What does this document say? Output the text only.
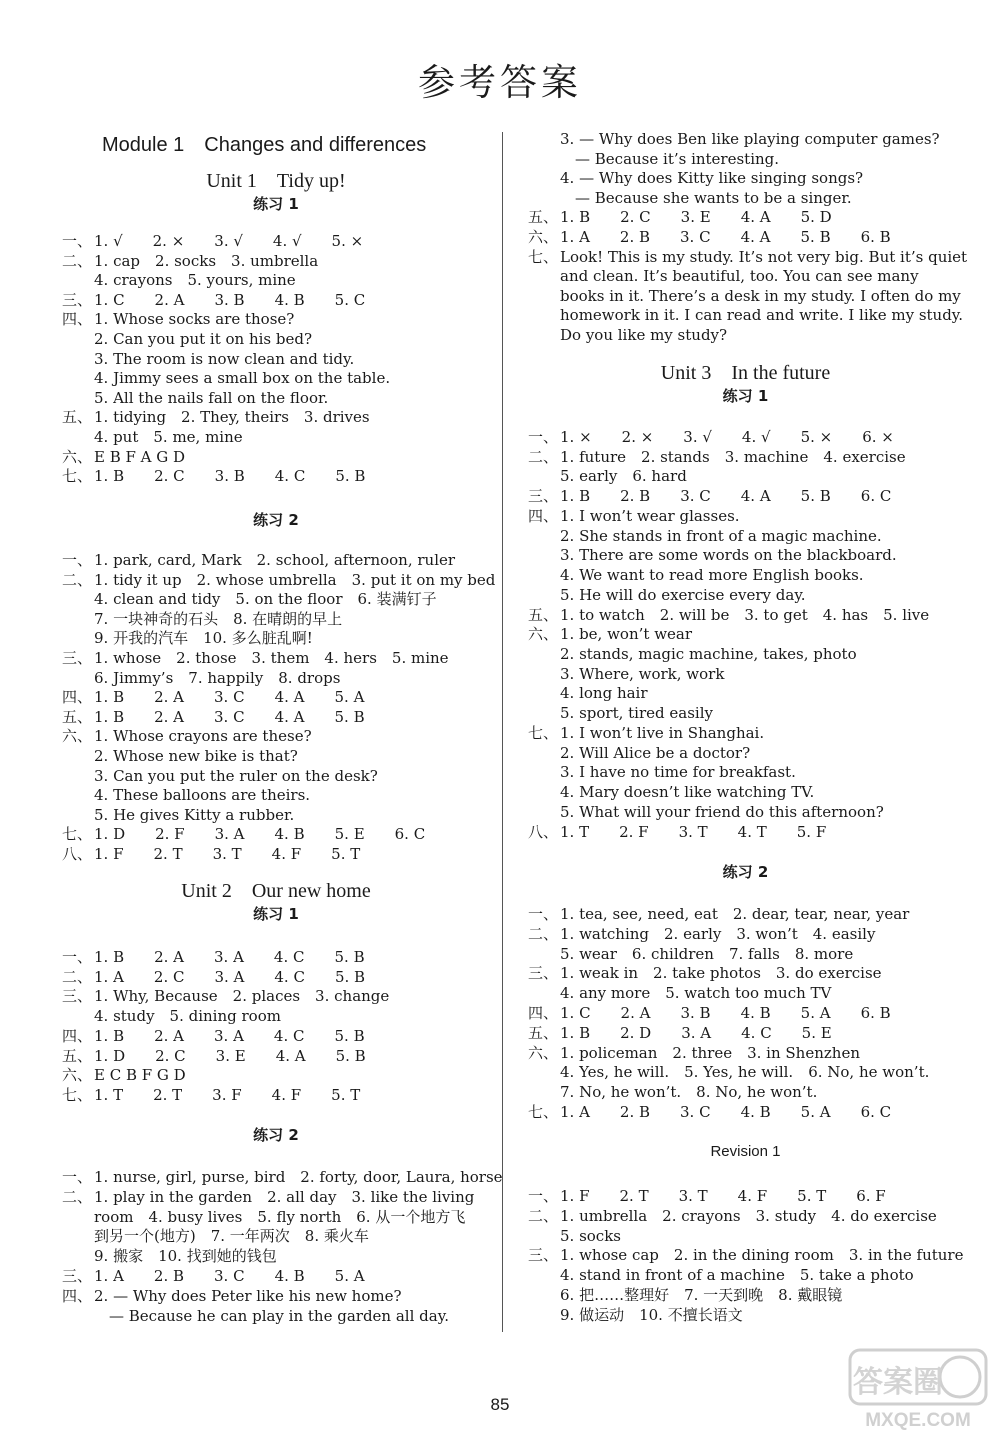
参考答案
Module 1　Changes and differences
Unit 1　Tidy up!
练习 1
一、 1. √　　2. ×　　3. √　　4. √　　5. ×
二、 1. cap　2. socks　3. umbrella
4. crayons　5. yours, mine
三、 1. C　　2. A　　3. B　　4. B　　5. C
四、 1. Whose socks are those?
2. Can you put it on his bed?
3. The room is now clean and tidy.
4. Jimmy sees a small box on the table.
5. All the nails fall on the floor.
五、 1. tidying　2. They, theirs　3. drives
4. put　5. me, mine
六、 E B F A G D
七、 1. B　　2. C　　3. B　　4. C　　5. B
练习 2
一、 1. park, card, Mark　2. school, afternoon, ruler
二、 1. tidy it up　2. whose umbrella　3. put it on my bed
4. clean and tidy　5. on the floor　6. 装满钉子
7. 一块神奇的石头　8. 在晴朗的早上
9. 开我的汽车　10. 多么脏乱啊!
三、 1. whose　2. those　3. them　4. hers　5. mine
6. Jimmy’s　7. happily　8. drops
四、 1. B　　2. A　　3. C　　4. A　　5. A
五、 1. B　　2. A　　3. C　　4. A　　5. B
六、 1. Whose crayons are these?
2. Whose new bike is that?
3. Can you put the ruler on the desk?
4. These balloons are theirs.
5. He gives Kitty a rubber.
七、 1. D　　2. F　　3. A　　4. B　　5. E　　6. C
八、 1. F　　2. T　　3. T　　4. F　　5. T
Unit 2　Our new home
练习 1
一、 1. B　　2. A　　3. A　　4. C　　5. B
二、 1. A　　2. C　　3. A　　4. C　　5. B
三、 1. Why, Because　2. places　3. change
4. study　5. dining room
四、 1. B　　2. A　　3. A　　4. C　　5. B
五、 1. D　　2. C　　3. E　　4. A　　5. B
六、 E C B F G D
七、 1. T　　2. T　　3. F　　4. F　　5. T
练习 2
一、 1. nurse, girl, purse, bird　2. forty, door, Laura, horse
二、 1. play in the garden　2. all day　3. like the living
room　4. busy lives　5. fly north　6. 从一个地方飞
到另一个(地方)　7. 一年两次　8. 乘火车
9. 搬家　10. 找到她的钱包
三、 1. A　　2. B　　3. C　　4. B　　5. A
四、 2. — Why does Peter like his new home?
　— Because he can play in the garden all day.
3. — Why does Ben like playing computer games?
　— Because it’s interesting.
4. — Why does Kitty like singing songs?
　— Because she wants to be a singer.
五、 1. B　　2. C　　3. E　　4. A　　5. D
六、 1. A　　2. B　　3. C　　4. A　　5. B　　6. B
七、 Look! This is my study. It’s not very big. But it’s quiet
and clean. It’s beautiful, too. You can see many
books in it. There’s a desk in my study. I often do my
homework in it. I can read and write. I like my study.
Do you like my study?
Unit 3　In the future
练习 1
一、 1. ×　　2. ×　　3. √　　4. √　　5. ×　　6. ×
二、 1. future　2. stands　3. machine　4. exercise
5. early　6. hard
三、 1. B　　2. B　　3. C　　4. A　　5. B　　6. C
四、 1. I won’t wear glasses.
2. She stands in front of a magic machine.
3. There are some words on the blackboard.
4. We want to read more English books.
5. He will do exercise every day.
五、 1. to watch　2. will be　3. to get　4. has　5. live
六、 1. be, won’t wear
2. stands, magic machine, takes, photo
3. Where, work, work
4. long hair
5. sport, tired easily
七、 1. I won’t live in Shanghai.
2. Will Alice be a doctor?
3. I have no time for breakfast.
4. Mary doesn’t like watching TV.
5. What will your friend do this afternoon?
八、 1. T　　2. F　　3. T　　4. T　　5. F
练习 2
一、 1. tea, see, need, eat　2. dear, tear, near, year
二、 1. watching　2. early　3. won’t　4. easily
5. wear　6. children　7. falls　8. more
三、 1. weak in　2. take photos　3. do exercise
4. any more　5. watch too much TV
四、 1. C　　2. A　　3. B　　4. B　　5. A　　6. B
五、 1. B　　2. D　　3. A　　4. C　　5. E
六、 1. policeman　2. three　3. in Shenzhen
4. Yes, he will.　5. Yes, he will.　6. No, he won’t.
7. No, he won’t.　8. No, he won’t.
七、 1. A　　2. B　　3. C　　4. B　　5. A　　6. C
Revision 1
一、 1. F　　2. T　　3. T　　4. F　　5. T　　6. F
二、 1. umbrella　2. crayons　3. study　4. do exercise
5. socks
三、 1. whose cap　2. in the dining room　3. in the future
4. stand in front of a machine　5. take a photo
6. 把……整理好　7. 一天到晚　8. 戴眼镜
9. 做运动　10. 不擅长语文
85
答案圈
MXQE.COM
